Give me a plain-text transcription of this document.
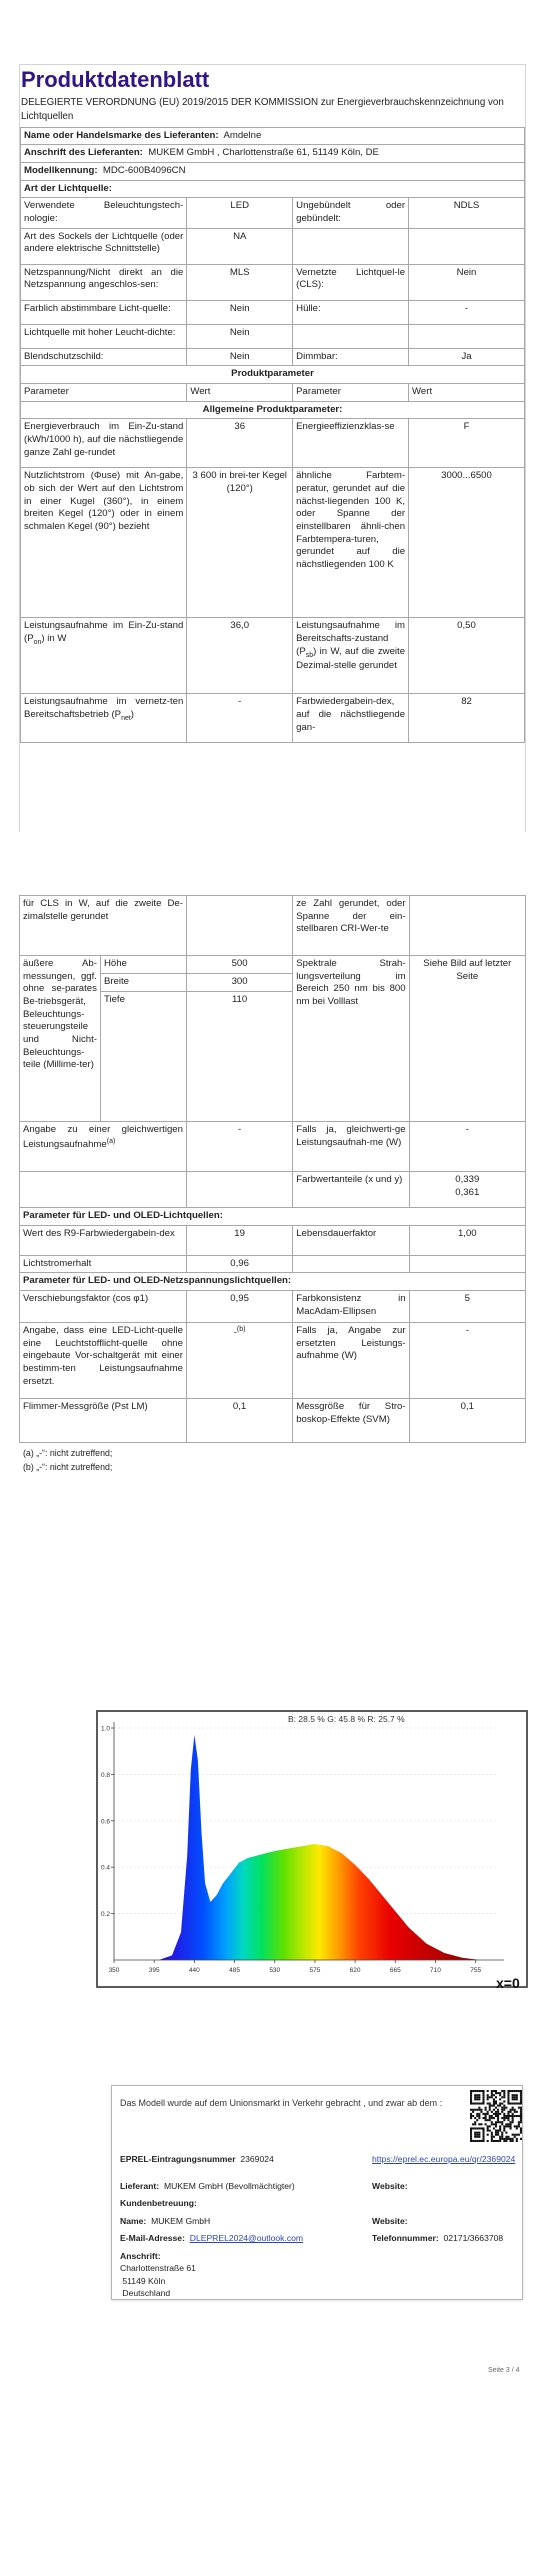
Produktdatenblatt
DELEGIERTE VERORDNUNG (EU) 2019/2015 DER KOMMISSION zur Energieverbrauchskennzeichnung von Lichtquellen
Name oder Handelsmarke des Lieferanten: Amdelne			
Anschrift des Lieferanten: MUKEM GmbH , Charlottenstraße 61, 51149 Köln, DE			
Modellkennung: MDC-600B4096CN			
Art der Lichtquelle:			
Verwendete Beleuchtungstech-nologie:	LED	Ungebündelt oder gebündelt:	NDLS
Art des Sockels der Lichtquelle (oder andere elektrische Schnittstelle)	NA		
Netzspannung/Nicht direkt an die Netzspannung angeschlos-sen:	MLS	Vernetzte Lichtquel-le (CLS):	Nein
Farblich abstimmbare Licht-quelle:	Nein	Hülle:	-
Lichtquelle mit hoher Leucht-dichte:	Nein		
Blendschutzschild:	Nein	Dimmbar:	Ja
Produktparameter			
Parameter	Wert	Parameter	Wert
Allgemeine Produktparameter:			
Energieverbrauch im Ein-Zu-stand (kWh/1000 h), auf die nächstliegende ganze Zahl ge-rundet	36	Energieeffizienzklas-se	F
Nutzlichtstrom (Φuse) mit An-gabe, ob sich der Wert auf den Lichtstrom in einer Kugel (360°), in einem breiten Kegel (120°) oder in einem schmalen Kegel (90°) bezieht	3 600 in brei-ter Kegel (120°)	ähnliche Farbtem-peratur, gerundet auf die nächst-liegenden 100 K, oder Spanne der einstellbaren ähnli-chen Farbtempera-turen, gerundet auf die nächstliegenden 100 K	3000...6500
Leistungsaufnahme im Ein-Zu-stand $(P_{on})$ in W	36,0	Leistungsaufnahme im Bereitschafts-zustand $(P_{sb})$ in W, auf die zweite Dezimal-stelle gerundet	0,50
Leistungsaufnahme im vernetz-ten Bereitschaftsbetrieb $(P_{net})$	-	Farbwiedergabein-dex, auf die nächstliegende gan-	82
für CLS in W, auf die zweite De-zimalstelle gerundet			ze Zahl gerundet, oder Spanne der ein-stellbaren CRI-Wer-te	
äußere Ab-messungen, ggf. ohne se-parates Be-triebsgerät, Beleuchtungs-steuerungsteile und Nicht-Beleuchtungs-teile (Millime-ter)	Höhe	500	Spektrale Strah-lungsverteilung im Bereich 250 nm bis 800 nm bei Volllast	Siehe Bild auf letzter Seite
	Breite	300		
	Tiefe	110		
Angabe zu einer gleichwertigen Leistungsaufnahme$^{(a)}$		-	Falls ja, gleichwerti-ge Leistungsaufnah-me (W)	-
			Farbwertanteile (x und y)	0,339
0,361

Parameter für LED- und OLED-Lichtquellen:				
Wert des R9-Farbwiedergabein-dex		19	Lebensdauerfaktor	1,00
Lichtstromerhalt		0,96		
Parameter für LED- und OLED-Netzspannungslichtquellen:				
Verschiebungsfaktor (cos φ1)		0,95	Farbkonsistenz in MacAdam-Ellipsen	5
Angabe, dass eine LED-Licht-quelle eine Leuchtstofflicht-quelle ohne eingebaute Vor-schaltgerät mit einer bestimm-ten Leistungsaufnahme ersetzt.		-$^{(b)}$	Falls ja, Angabe zur ersetzten Leistungs-aufnahme (W)	-
Flimmer-Messgröße (Pst LM)		0,1	Messgröße für Stro-boskop-Effekte (SVM)	0,1
(a) „-“: nicht zutreffend;
(b) „-“: nicht zutreffend;
B: 28.5 % G: 45.8 % R: 25.7 %
0.2
0.4
0.6
0.8
1.0
350	395	440	485	530	575	620	665	710	755
x=0
Das Modell wurde auf dem Unionsmarkt in Verkehr gebracht , und zwar ab dem :
EPREL-Eintragungsnummer 2369024	https://eprel.ec.europa.eu/qr/2369024
Lieferant: MUKEM GmbH (Bevollmächtigter)	Website:
Kundenbetreuung:
Name: MUKEM GmbH	Website:
E-Mail-Adresse: DLEPREL2024@outlook.com	Telefonnummer: 02171/3663708
Anschrift:
Charlottenstraße 61
51149 Köln
Deutschland
Seite 3 / 4
